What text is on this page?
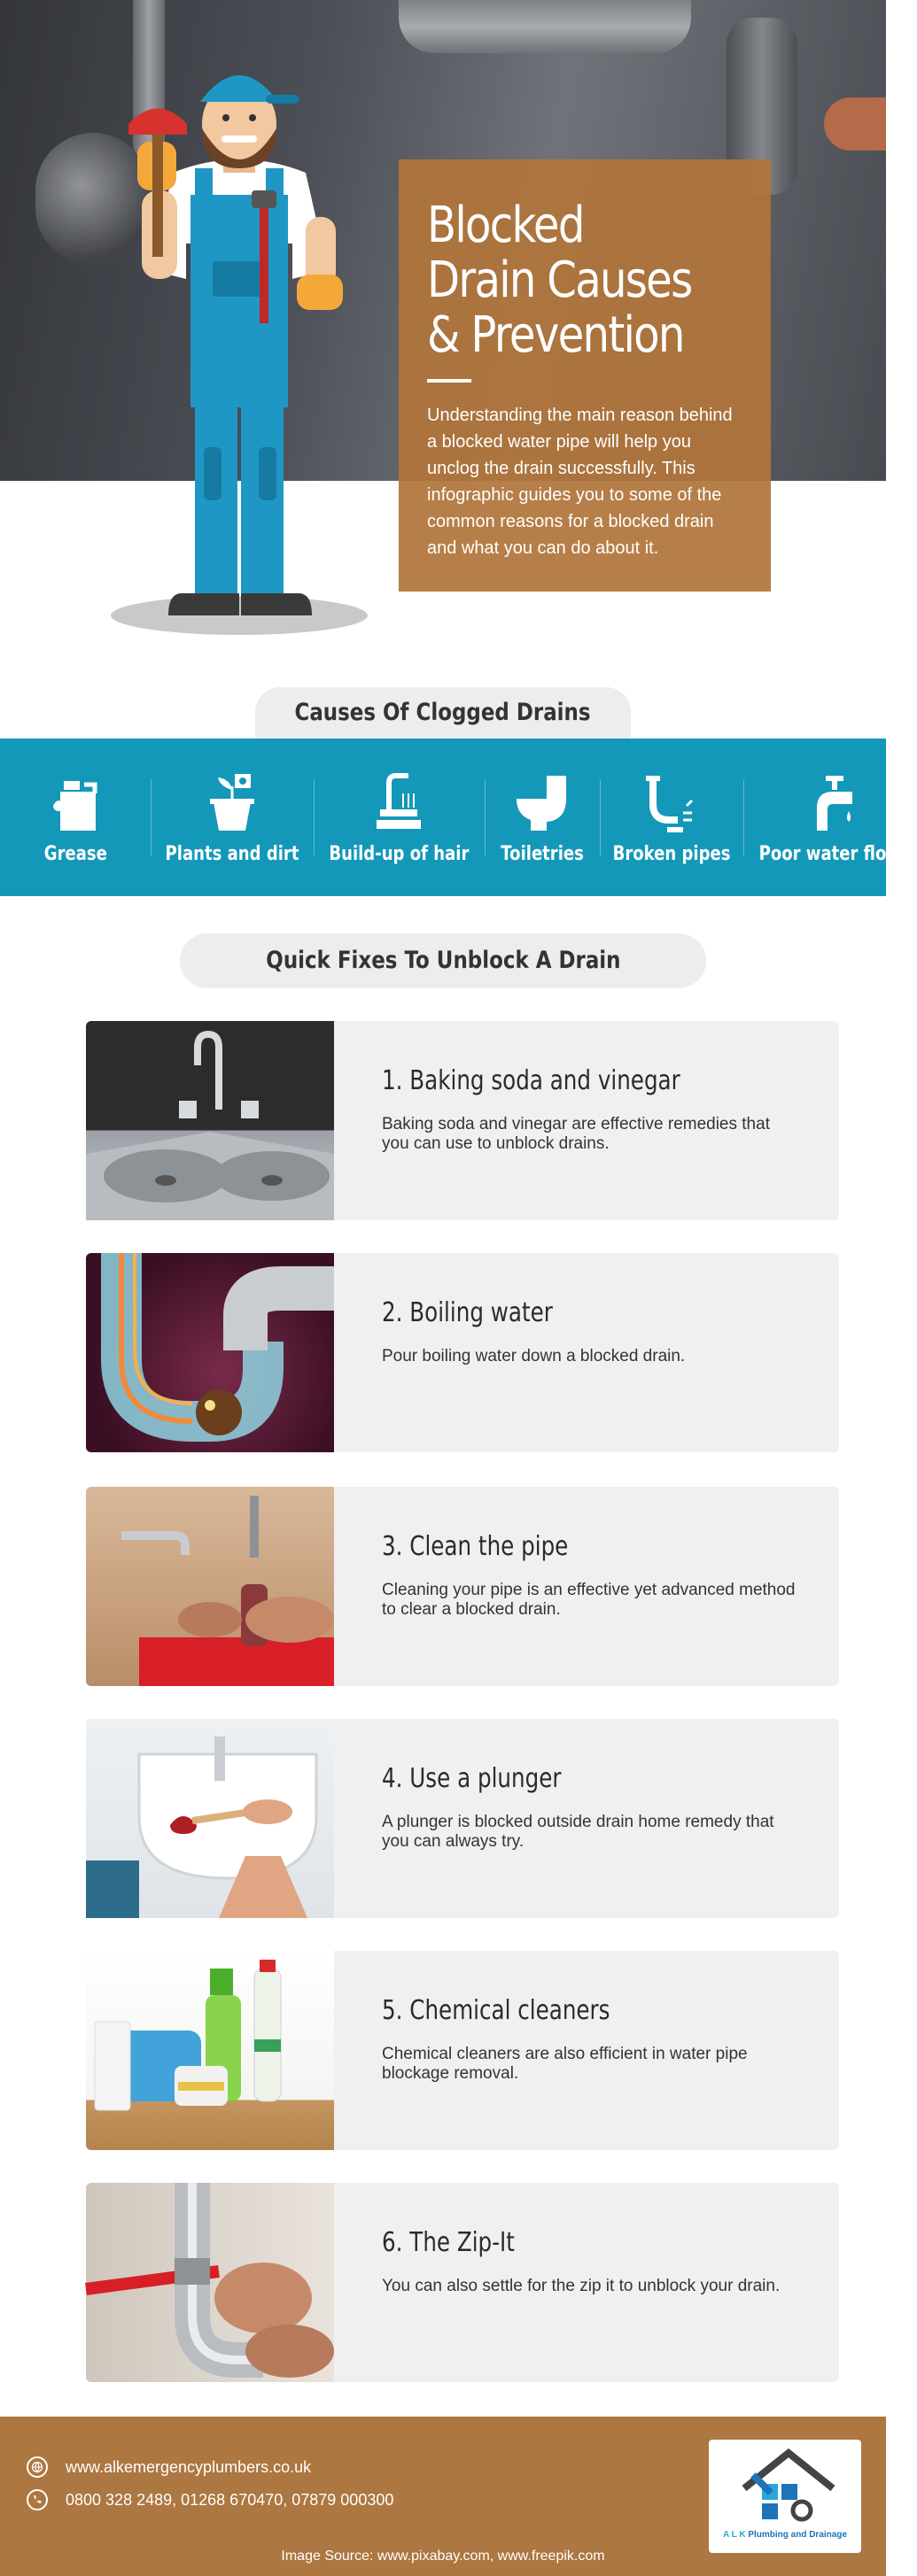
Blocked
Drain Causes
& Prevention

Understanding the main reason behind a blocked water pipe will help you unclog the drain successfully. This infographic guides you to some of the common reasons for a blocked drain and what you can do about it.

Causes Of Clogged Drains
Grease	Plants and dirt Build-up of hair Toiletries Broken pipes Poor water flow
Quick Fixes To Unblock A Drain
1. Baking soda and vinegar
Baking soda and vinegar are effective remedies that you can use to unblock drains.
2. Boiling water
Pour boiling water down a blocked drain.
3. Clean the pipe
Cleaning your pipe is an effective yet advanced method to clear a blocked drain.
4. Use a plunger
A plunger is blocked outside drain home remedy that you can always try.
5. Chemical cleaners
Chemical cleaners are also efficient in water pipe blockage removal.
6. The Zip-It
You can also settle for the zip it to unblock your drain.
www.alkemergencyplumbers.co.uk
0800 328 2489, 01268 670470, 07879 000300
A L K Plumbing and Drainage
Image Source: www.pixabay.com, www.freepik.com
